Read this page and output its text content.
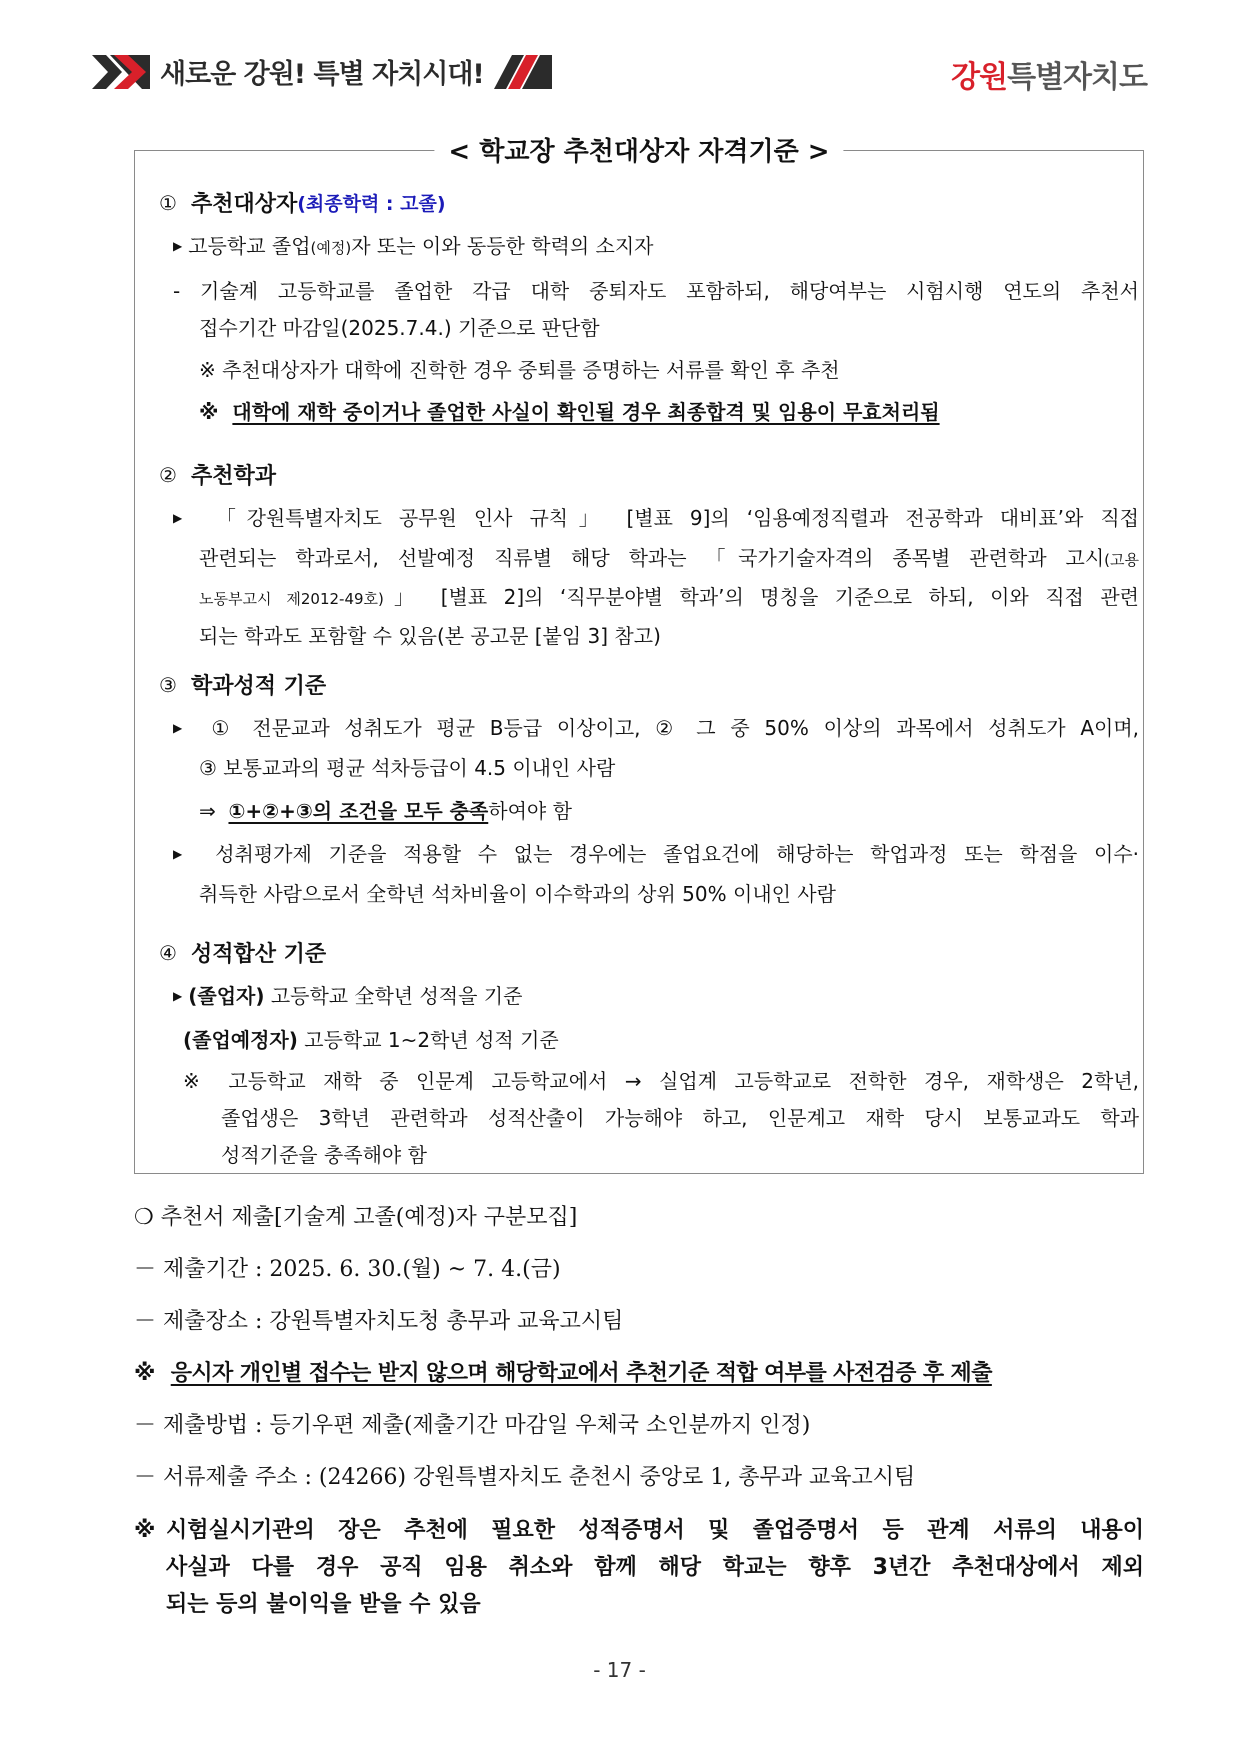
새로운 강원! 특별 자치시대!	강원특별자치도
< 학교장 추천대상자 자격기준 >
① 추천대상자 (최종학력 : 고졸)
▶ 고등학교 졸업(예정)자 또는 이와 동등한 학력의 소지자
- 기술계 고등학교를 졸업한 각급 대학 중퇴자도 포함하되, 해당여부는 시험시행 연도의 추천서
접수기간 마감일(2025.7.4.) 기준으로 판단함
※ 추천대상자가 대학에 진학한 경우 중퇴를 증명하는 서류를 확인 후 추천
※ 대학에 재학 중이거나 졸업한 사실이 확인될 경우 최종합격 및 임용이 무효처리됨
② 추천학과
▶ 「강원특별자치도 공무원 인사 규칙」 [별표 9]의 ‘임용예정직렬과 전공학과 대비표’와 직접
관련되는 학과로서, 선발예정 직류별 해당 학과는 「국가기술자격의 종목별 관련학과 고시(고용
노동부고시 제2012-49호)」 [별표 2]의 ‘직무분야별 학과’의 명칭을 기준으로 하되, 이와 직접 관련
되는 학과도 포함할 수 있음(본 공고문 [붙임 3] 참고)
③ 학과성적 기준
▶ ① 전문교과 성취도가 평균 B등급 이상이고, ② 그 중 50% 이상의 과목에서 성취도가 A이며,
③ 보통교과의 평균 석차등급이 4.5 이내인 사람
⇒ ①+②+③의 조건을 모두 충족하여야 함
▶ 성취평가제 기준을 적용할 수 없는 경우에는 졸업요건에 해당하는 학업과정 또는 학점을 이수·
취득한 사람으로서 全학년 석차비율이 이수학과의 상위 50% 이내인 사람
④ 성적합산 기준
▶ (졸업자) 고등학교 全학년 성적을 기준
(졸업예정자) 고등학교 1~2학년 성적 기준
※ 고등학교 재학 중 인문계 고등학교에서 → 실업계 고등학교로 전학한 경우, 재학생은 2학년,
졸업생은 3학년 관련학과 성적산출이 가능해야 하고, 인문계고 재학 당시 보통교과도 학과
성적기준을 충족해야 함
❍ 추천서 제출[기술계 고졸(예정)자 구분모집]
－ 제출기간 : 2025. 6. 30.(월) ~ 7. 4.(금)
－ 제출장소 : 강원특별자치도청 총무과 교육고시팀
※ 응시자 개인별 접수는 받지 않으며 해당학교에서 추천기준 적합 여부를 사전검증 후 제출
－ 제출방법 : 등기우편 제출(제출기간 마감일 우체국 소인분까지 인정)
－ 서류제출 주소 : (24266) 강원특별자치도 춘천시 중앙로 1, 총무과 교육고시팀
※ 시험실시기관의 장은 추천에 필요한 성적증명서 및 졸업증명서 등 관계 서류의 내용이
사실과 다를 경우 공직 임용 취소와 함께 해당 학교는 향후 3년간 추천대상에서 제외
되는 등의 불이익을 받을 수 있음
- 17 -
